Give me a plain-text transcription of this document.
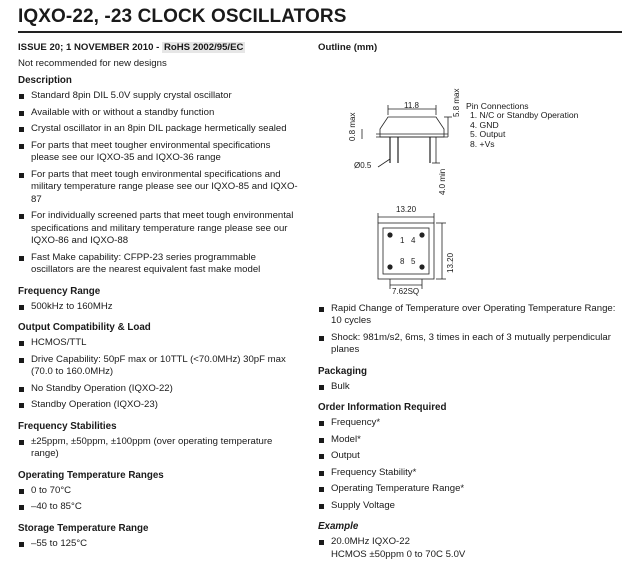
IQXO-22, -23 CLOCK OSCILLATORS

ISSUE 20; 1 NOVEMBER 2010 - RoHS 2002/95/EC

Not recommended for new designs

Description
Standard 8pin DIL 5.0V supply crystal oscillator
Available with or without a standby function
Crystal oscillator in an 8pin DIL package hermetically sealed
For parts that meet tougher environmental specifications please see our IQXO-35 and IQXO-36 range
For parts that meet tough environmental specifications and military temperature range please see our IQXO-85 and IQXO-87
For individually screened parts that meet tough environmental specifications and military temperature range please see our IQXO-86 and IQXO-88
Fast Make capability: CFPP-23 series programmable oscillators are the nearest equivalent fast make model
Frequency Range
500kHz to 160MHz
Output Compatibility & Load
HCMOS/TTL
Drive Capability: 50pF max or 10TTL (<70.0MHz) 30pF max (70.0 to 160.0MHz)
No Standby Operation (IQXO-22)
Standby Operation (IQXO-23)
Frequency Stabilities
±25ppm, ±50ppm, ±100ppm (over operating temperature range)
Operating Temperature Ranges
0 to 70°C
–40 to 85°C
Storage Temperature Range
–55 to 125°C

Outline (mm)

1 4
8 5
11.8
0.8 max
5.8 max
Ø0.5
4.0 min
13.20
13.20
7.62SQ
Pin Connections
1. N/C or Standby Operation
4. GND
5. Output
8. +Vs
Rapid Change of Temperature over Operating Temperature Range: 10 cycles
Shock: 981m/s2, 6ms, 3 times in each of 3 mutually perpendicular planes
Packaging
Bulk
Order Information Required
Frequency*
Model*
Output
Frequency Stability*
Operating Temperature Range*
Supply Voltage
Example
20.0MHz IQXO-22
HCMOS ±50ppm 0 to 70C 5.0V
